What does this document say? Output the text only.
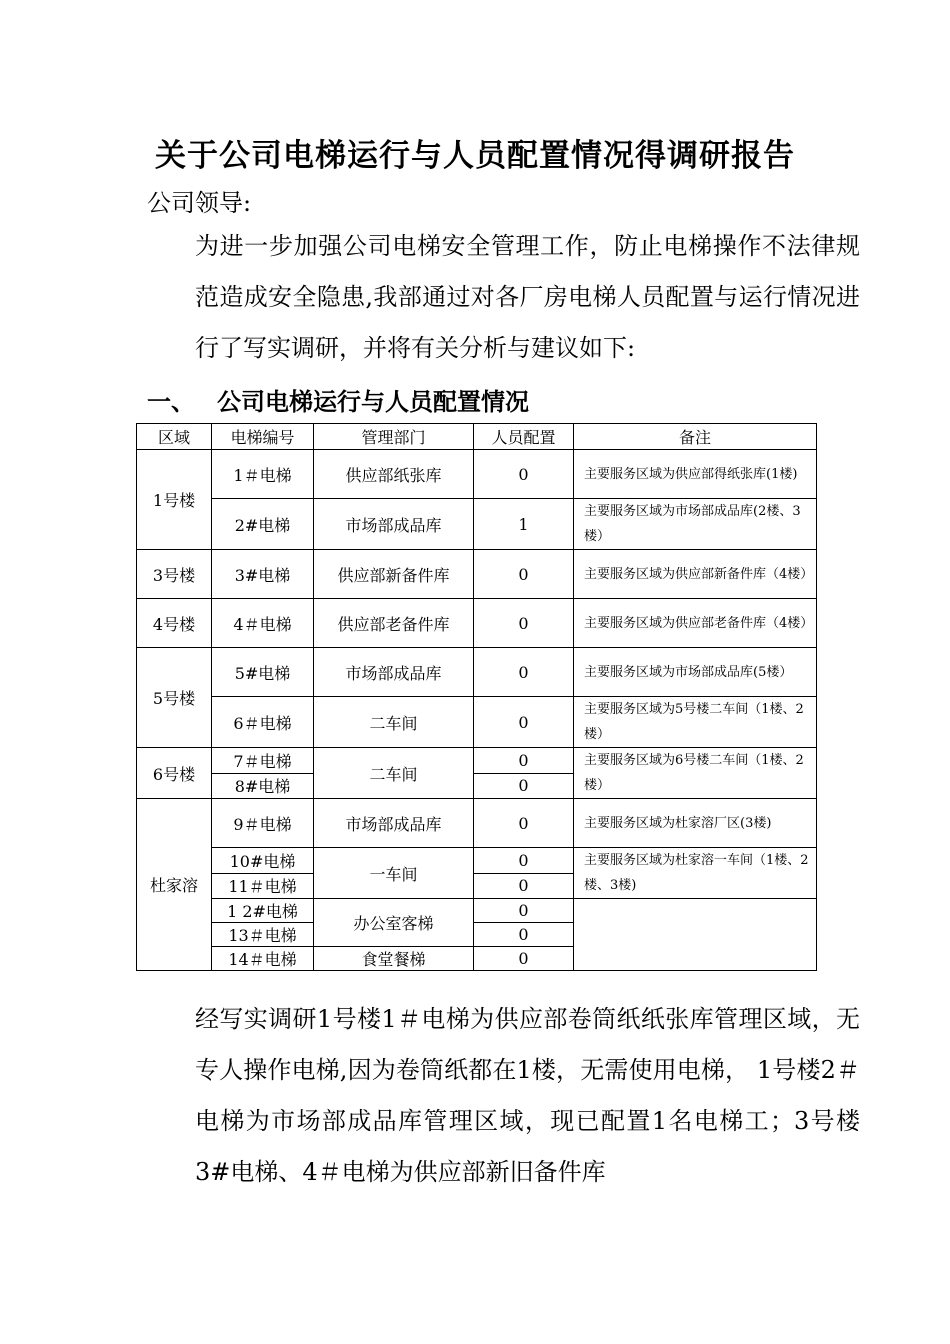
关于公司电梯运行与人员配置情况得调研报告
公司领导:
为进一步加强公司电梯安全管理工作，防止电梯操作不法律规范造成安全隐患,我部通过对各厂房电梯人员配置与运行情况进行了写实调研，并将有关分析与建议如下:
一、 公司电梯运行与人员配置情况
区域	电梯编号	管理部门	人员配置	备注
1号楼	1＃电梯	供应部纸张库	0	主要服务区域为供应部得纸张库(1楼)
	2#电梯	市场部成品库	1	主要服务区域为市场部成品库(2楼、3楼）
3号楼	3#电梯	供应部新备件库	0	主要服务区域为供应部新备件库（4楼）
4号楼	4＃电梯	供应部老备件库	0	主要服务区域为供应部老备件库（4楼）
5号楼	5#电梯	市场部成品库	0	主要服务区域为市场部成品库(5楼）
	6＃电梯	二车间	0	主要服务区域为5号楼二车间（1楼、2楼）
6号楼	7＃电梯	二车间	0	主要服务区域为6号楼二车间（1楼、2楼）
	8#电梯		0	
杜家溶	9＃电梯	市场部成品库	0	主要服务区域为杜家溶厂区(3楼)
	10#电梯	一车间	0	主要服务区域为杜家溶一车间（1楼、2楼、3楼)
	11＃电梯		0	
	1 2#电梯	办公室客梯	0	
	13＃电梯		0	
	14＃电梯	食堂餐梯	0	
经写实调研1号楼1＃电梯为供应部卷筒纸纸张库管理区域，无专人操作电梯,因为卷筒纸都在1楼，无需使用电梯， 1号楼2＃电梯为市场部成品库管理区域，现已配置1名电梯工；3号楼 3#电梯、4＃电梯为供应部新旧备件库
